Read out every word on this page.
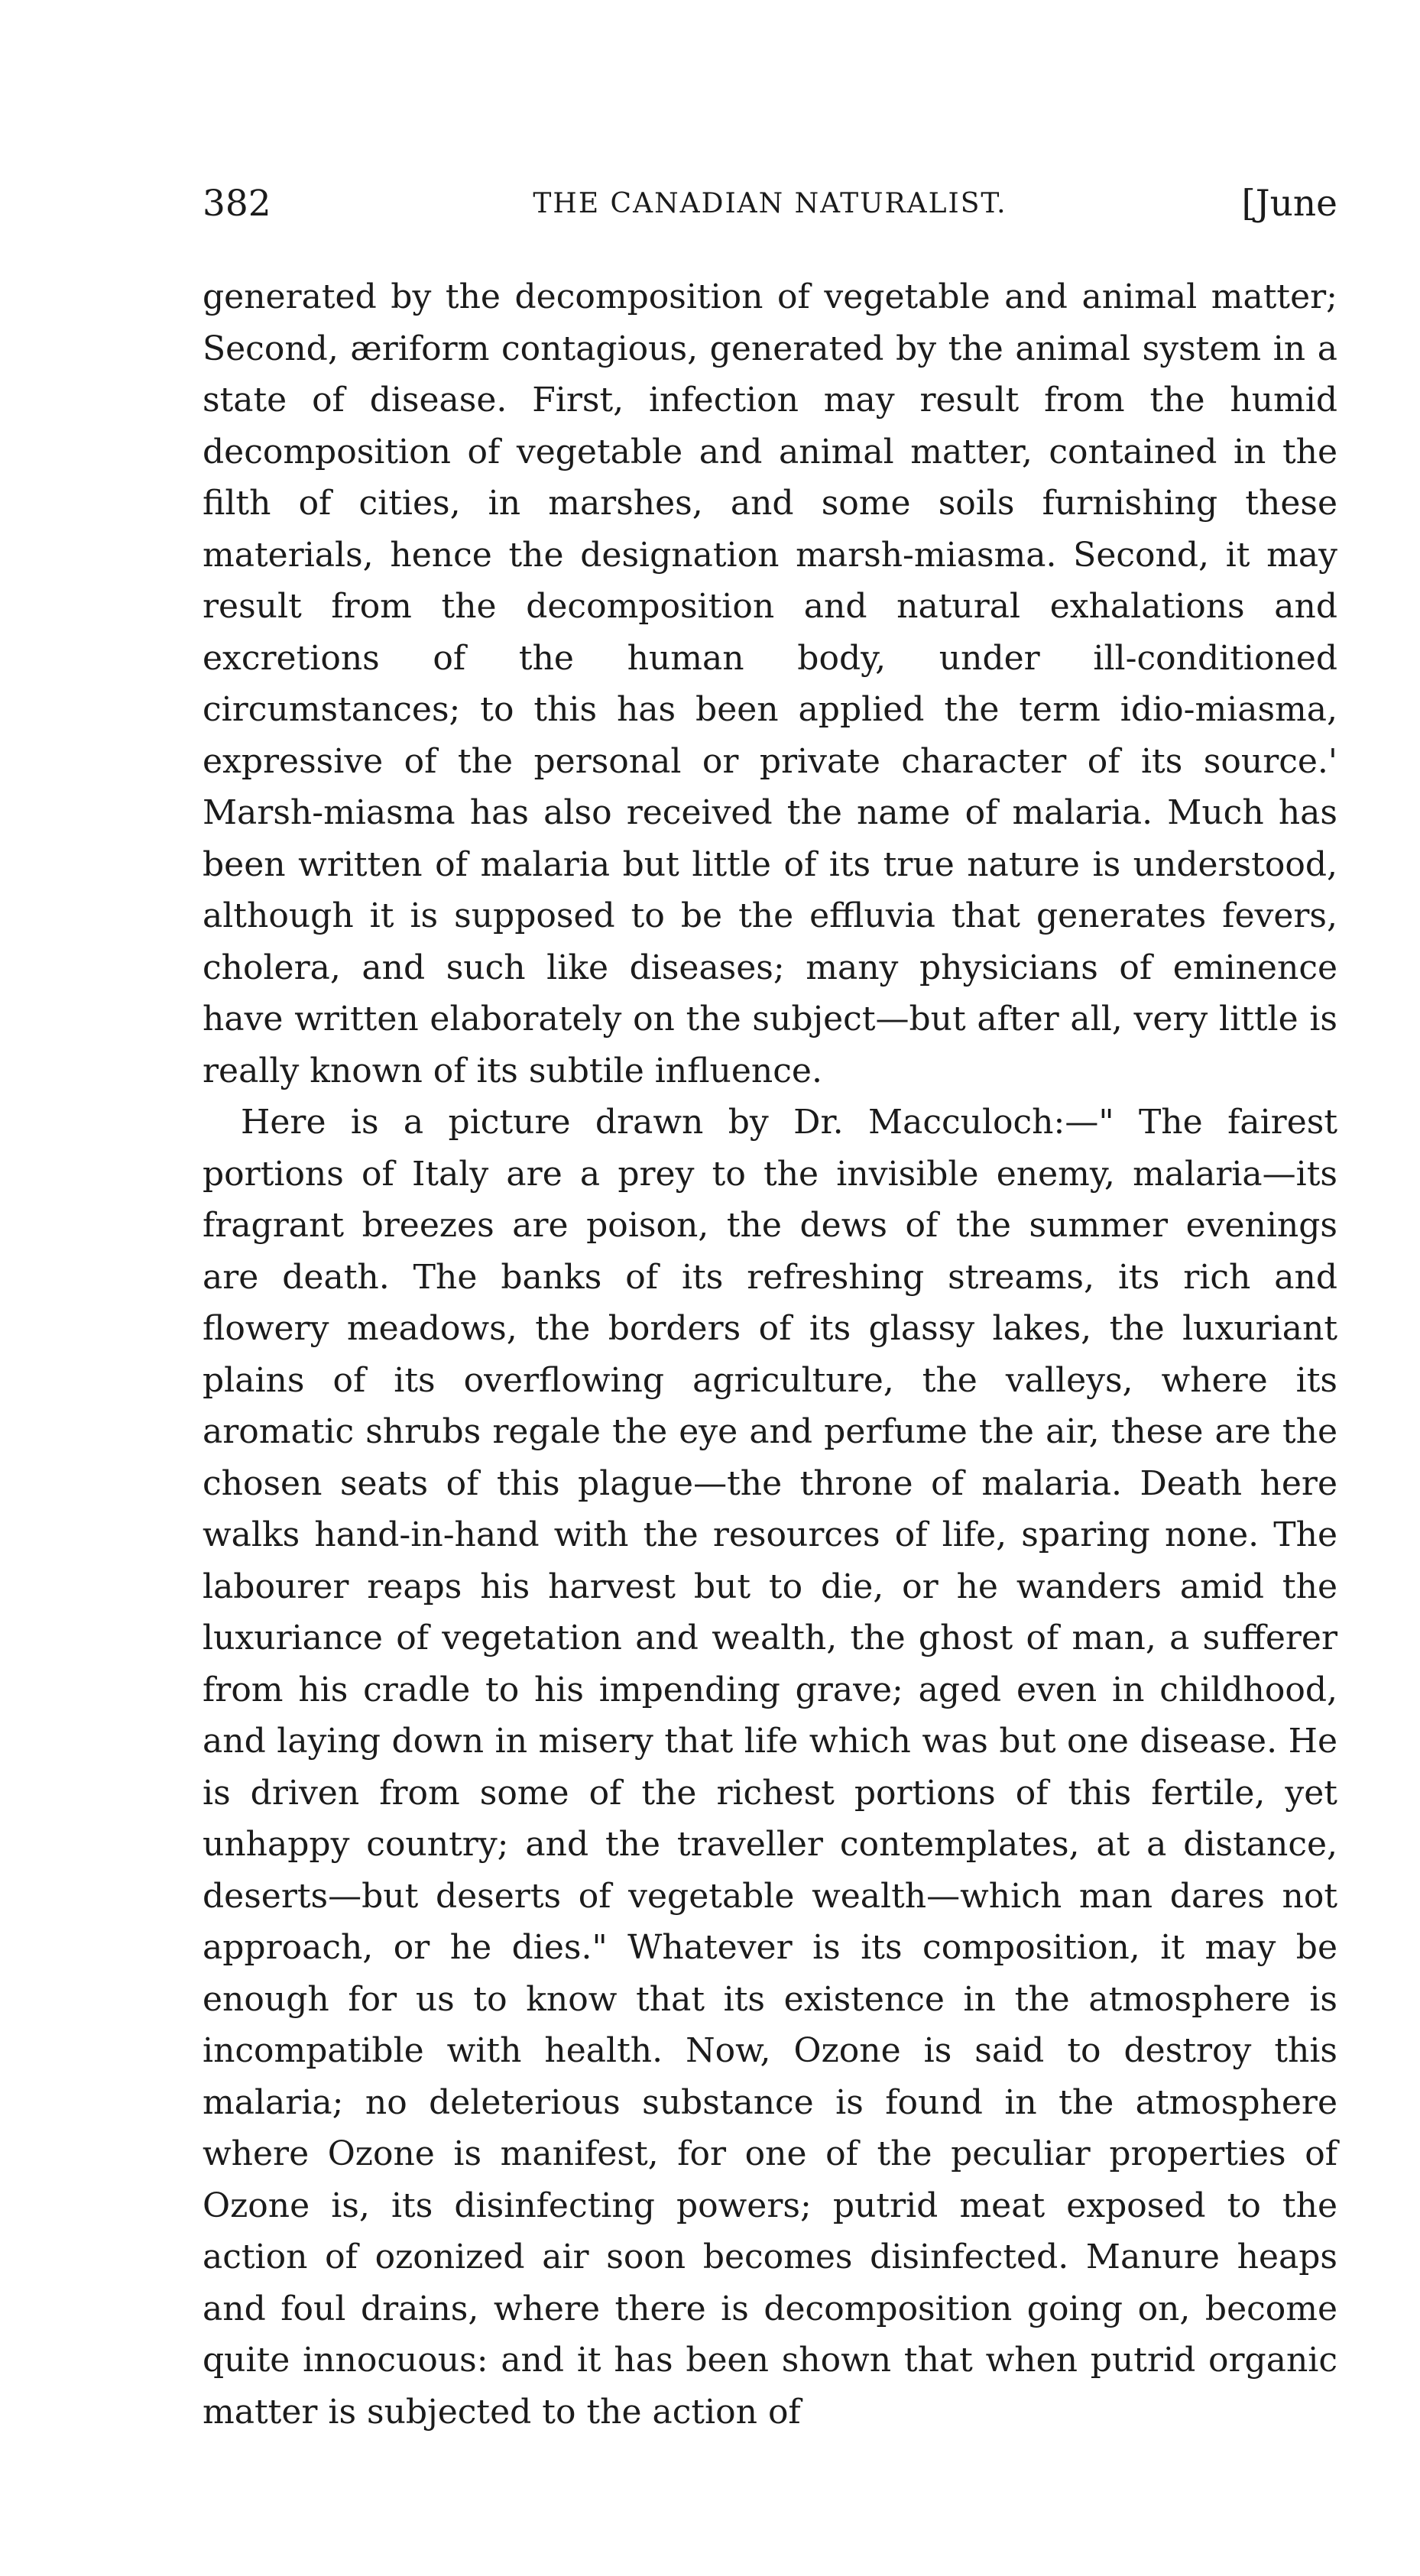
382	THE CANADIAN NATURALIST.	[June

generated by the decomposition of vegetable and animal matter; Second, æriform contagious, generated by the animal system in a state of disease. First, infection may result from the humid decomposition of vegetable and animal matter, contained in the filth of cities, in marshes, and some soils furnishing these materials, hence the designation marsh-miasma. Second, it may result from the decomposition and natural exhalations and excretions of the human body, under ill-conditioned circumstances; to this has been applied the term idio-miasma, expressive of the personal or private character of its source.' Marsh-miasma has also received the name of malaria. Much has been written of malaria but little of its true nature is understood, although it is supposed to be the effluvia that generates fevers, cholera, and such like diseases; many physicians of eminence have written elaborately on the subject—but after all, very little is really known of its subtile influence.

Here is a picture drawn by Dr. Macculoch:—" The fairest portions of Italy are a prey to the invisible enemy, malaria—its fragrant breezes are poison, the dews of the summer evenings are death. The banks of its refreshing streams, its rich and flowery meadows, the borders of its glassy lakes, the luxuriant plains of its overflowing agriculture, the valleys, where its aromatic shrubs regale the eye and perfume the air, these are the chosen seats of this plague—the throne of malaria. Death here walks hand-in-hand with the resources of life, sparing none. The labourer reaps his harvest but to die, or he wanders amid the luxuriance of vegetation and wealth, the ghost of man, a sufferer from his cradle to his impending grave; aged even in childhood, and laying down in misery that life which was but one disease. He is driven from some of the richest portions of this fertile, yet unhappy country; and the traveller contemplates, at a distance, deserts—but deserts of vegetable wealth—which man dares not approach, or he dies." Whatever is its composition, it may be enough for us to know that its existence in the atmosphere is incompatible with health. Now, Ozone is said to destroy this malaria; no deleterious substance is found in the atmosphere where Ozone is manifest, for one of the peculiar properties of Ozone is, its disinfecting powers; putrid meat exposed to the action of ozonized air soon becomes disinfected. Manure heaps and foul drains, where there is decomposition going on, become quite innocuous: and it has been shown that when putrid organic matter is subjected to the action of
